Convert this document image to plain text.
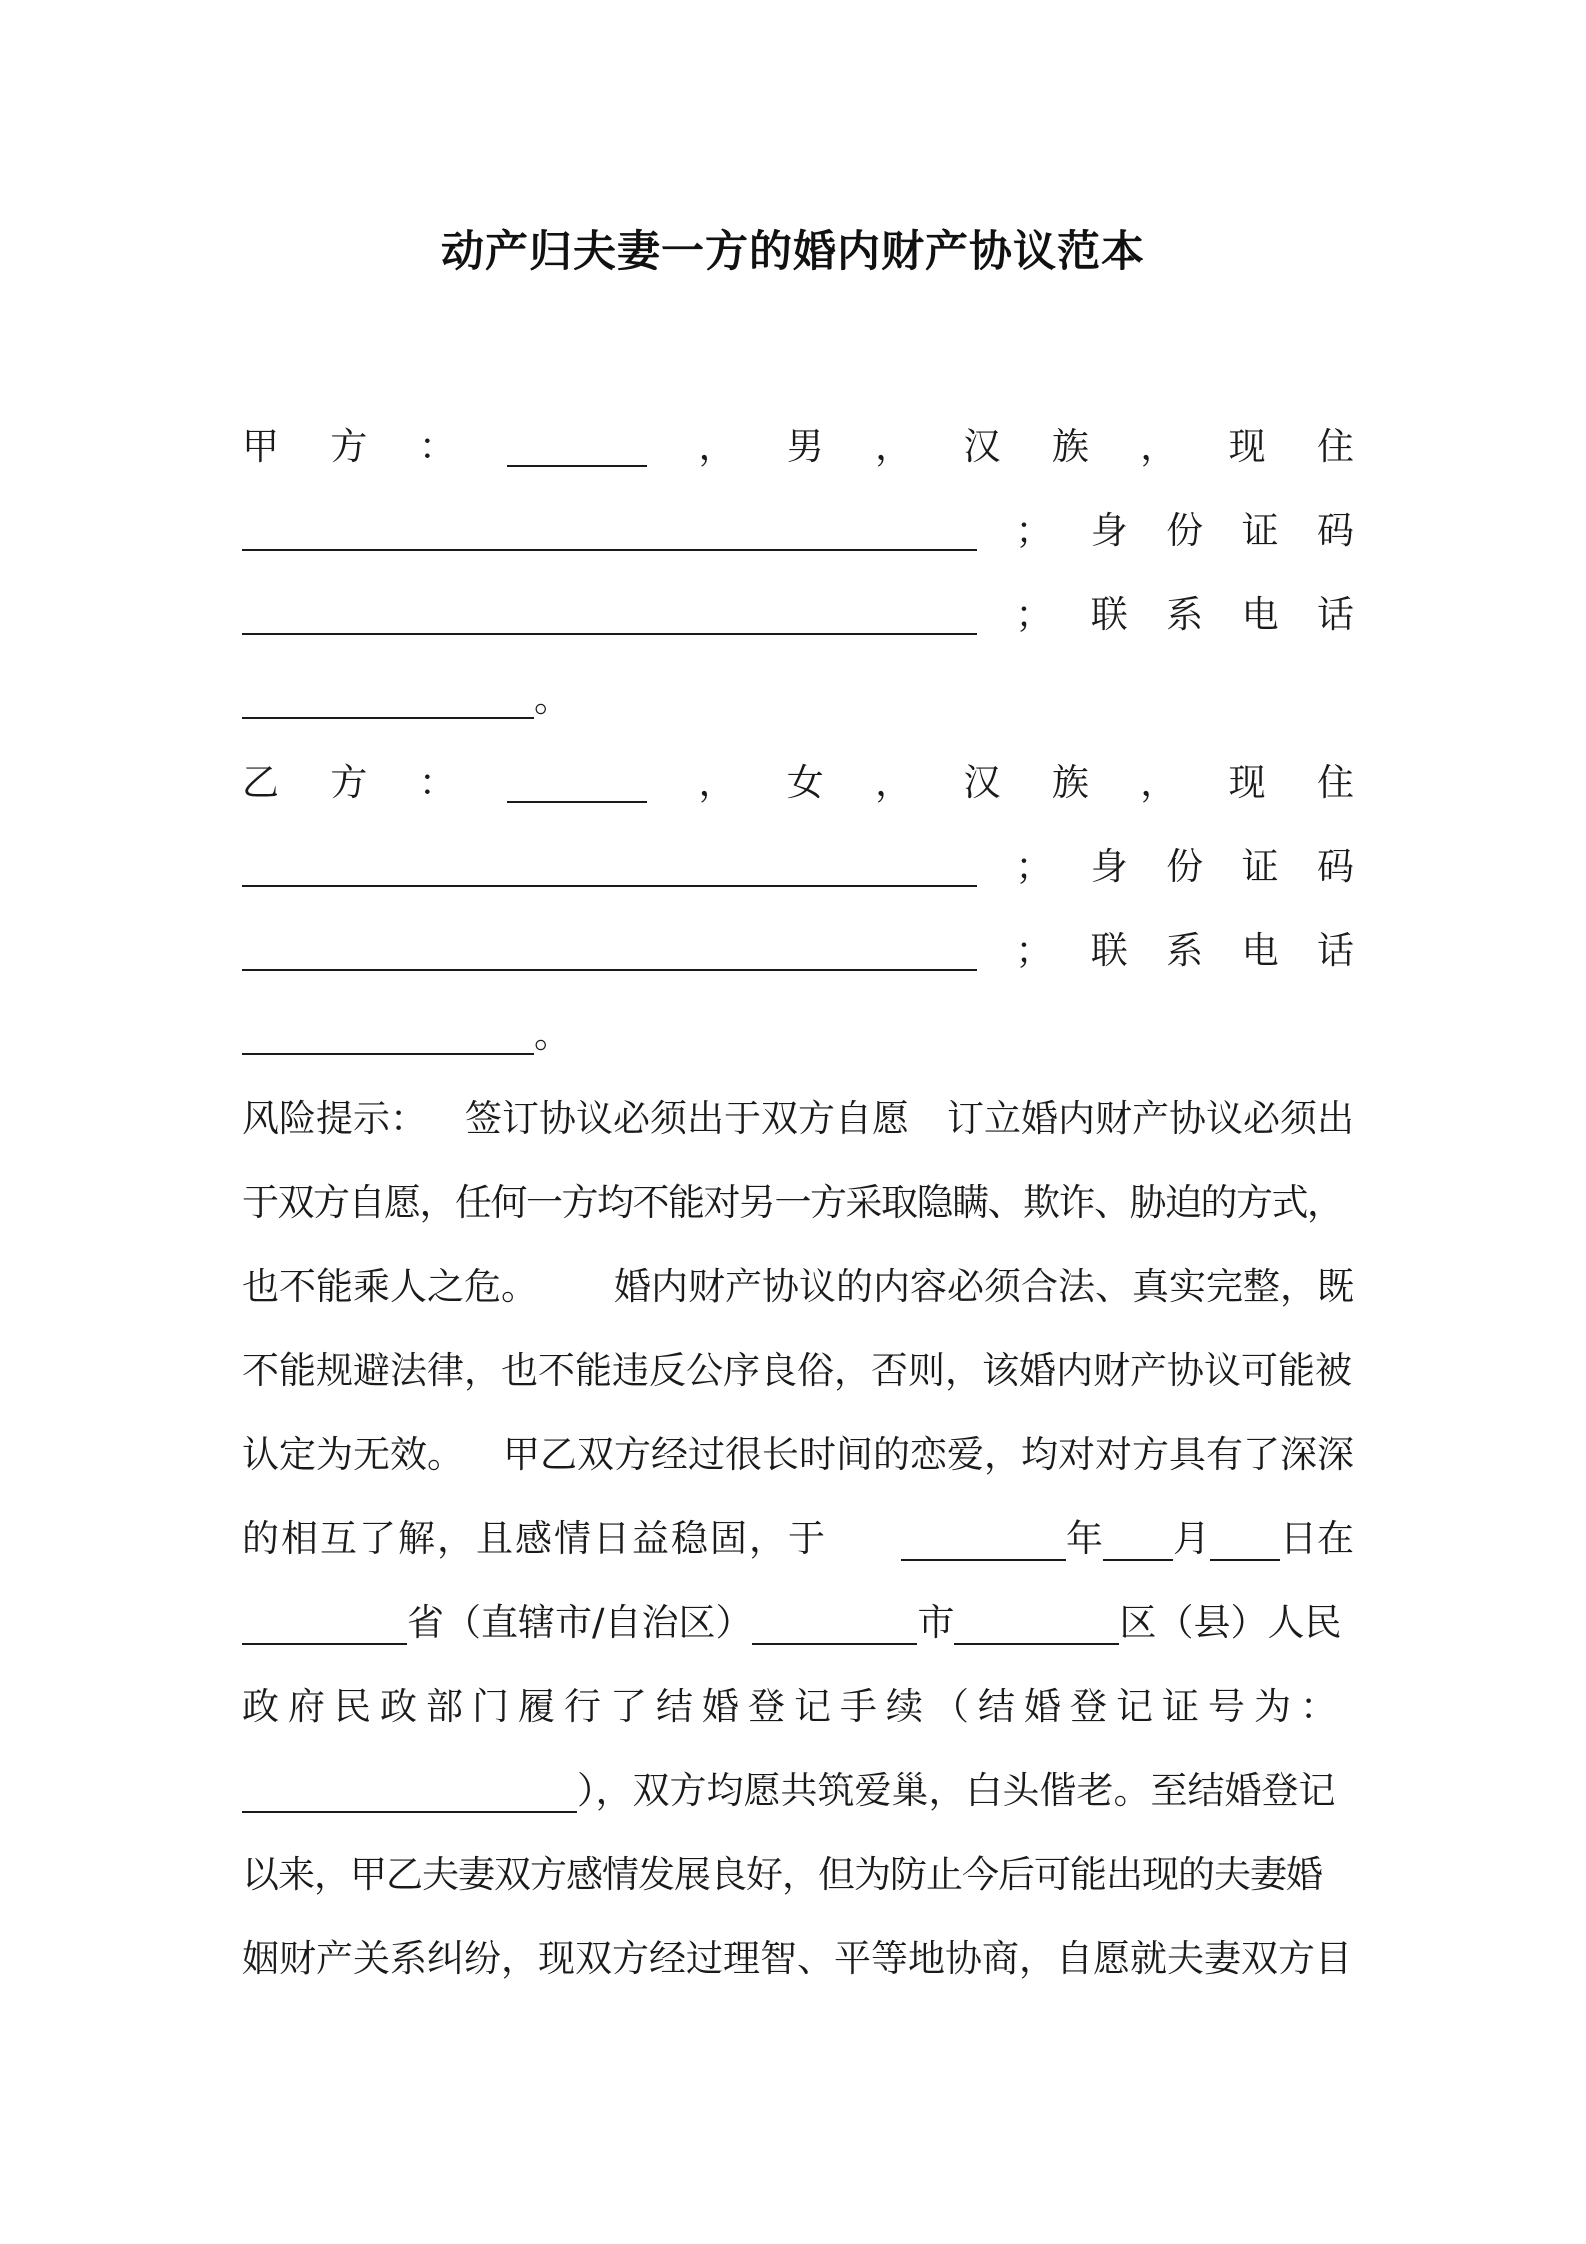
动产归夫妻一方的婚内财产协议范本
甲 方 ：	， 男 ， 汉 族 ， 现 住
； 身 份 证 码
； 联 系 电 话
。
乙 方 ：	， 女 ， 汉 族 ， 现 住
； 身 份 证 码
； 联 系 电 话
。
风险提示： 签订协议必须出于双方自愿 订立婚内财产协议必须出
于双方自愿，任何一方均不能对另一方采取隐瞒、欺诈、胁迫的方式，
也不能乘人之危。 婚内财产协议的内容必须合法、真实完整，既
不能规避法律，也不能违反公序良俗，否则，该婚内财产协议可能被
认定为无效。 甲乙双方经过很长时间的恋爱，均对对方具有了深深
的相互了解，且感情日益稳固，于	年 月 日在
省（直辖市/自治区）	市	区（县）人民
政府民政部门履行了结婚登记手续（结婚登记证号为：
），双方均愿共筑爱巢，白头偕老。至结婚登记
以来，甲乙夫妻双方感情发展良好，但为防止今后可能出现的夫妻婚
姻财产关系纠纷，现双方经过理智、平等地协商，自愿就夫妻双方目
